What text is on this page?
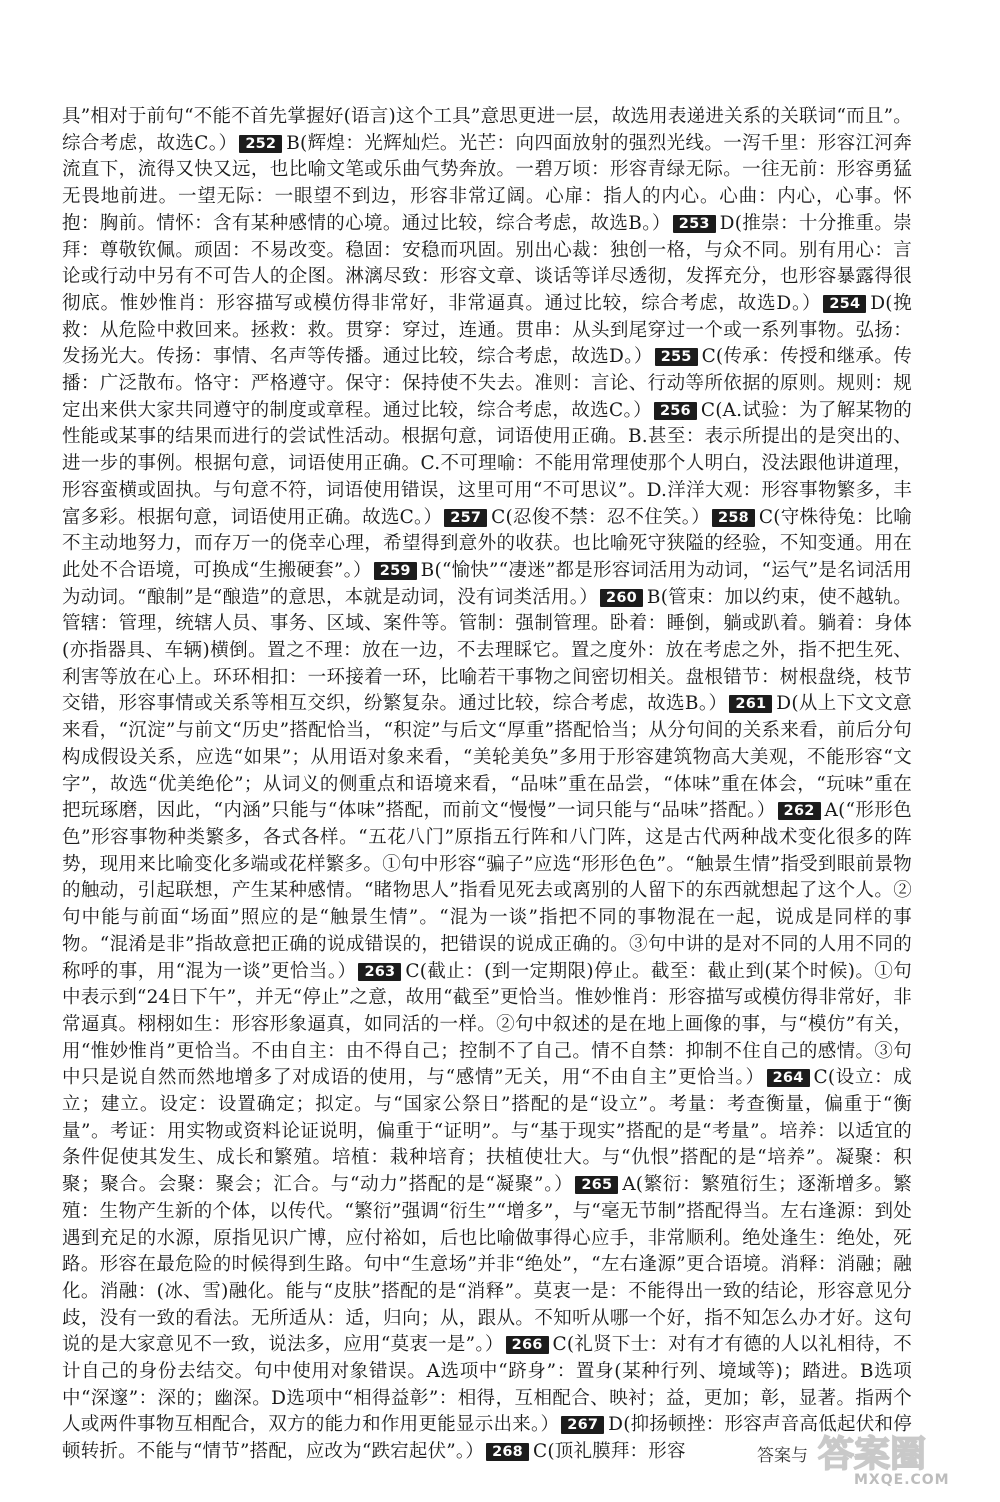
具”相对于前句“不能不首先掌握好(语言)这个工具”意思更进一层，故选用表递进关系的关联词“而且”。综合考虑，故选C。） 252 B(辉煌：光辉灿烂。光芒：向四面放射的强烈光线。一泻千里：形容江河奔流直下，流得又快又远，也比喻文笔或乐曲气势奔放。一碧万顷：形容青绿无际。一往无前：形容勇猛无畏地前进。一望无际：一眼望不到边，形容非常辽阔。心扉：指人的内心。心曲：内心，心事。怀抱：胸前。情怀：含有某种感情的心境。通过比较，综合考虑，故选B。） 253 D(推崇：十分推重。崇拜：尊敬钦佩。顽固：不易改变。稳固：安稳而巩固。别出心裁：独创一格，与众不同。别有用心：言论或行动中另有不可告人的企图。淋漓尽致：形容文章、谈话等详尽透彻，发挥充分，也形容暴露得很彻底。惟妙惟肖：形容描写或模仿得非常好，非常逼真。通过比较，综合考虑，故选D。） 254 D(挽救：从危险中救回来。拯救：救。贯穿：穿过，连通。贯串：从头到尾穿过一个或一系列事物。弘扬：发扬光大。传扬：事情、名声等传播。通过比较，综合考虑，故选D。） 255 C(传承：传授和继承。传播：广泛散布。恪守：严格遵守。保守：保持使不失去。准则：言论、行动等所依据的原则。规则：规定出来供大家共同遵守的制度或章程。通过比较，综合考虑，故选C。） 256 C(A.试验：为了解某物的性能或某事的结果而进行的尝试性活动。根据句意，词语使用正确。B.甚至：表示所提出的是突出的、进一步的事例。根据句意，词语使用正确。C.不可理喻：不能用常理使那个人明白，没法跟他讲道理，形容蛮横或固执。与句意不符，词语使用错误，这里可用“不可思议”。D.洋洋大观：形容事物繁多，丰富多彩。根据句意，词语使用正确。故选C。） 257 C(忍俊不禁：忍不住笑。） 258 C(守株待兔：比喻不主动地努力，而存万一的侥幸心理，希望得到意外的收获。也比喻死守狭隘的经验，不知变通。用在此处不合语境，可换成“生搬硬套”。） 259 B(“愉快”“凄迷”都是形容词活用为动词，“运气”是名词活用为动词。“酿制”是“酿造”的意思，本就是动词，没有词类活用。） 260 B(管束：加以约束，使不越轨。管辖：管理，统辖人员、事务、区域、案件等。管制：强制管理。卧着：睡倒，躺或趴着。躺着：身体(亦指器具、车辆)横倒。置之不理：放在一边，不去理睬它。置之度外：放在考虑之外，指不把生死、利害等放在心上。环环相扣：一环接着一环，比喻若干事物之间密切相关。盘根错节：树根盘绕，枝节交错，形容事情或关系等相互交织，纷繁复杂。通过比较，综合考虑，故选B。） 261 D(从上下文文意来看，“沉淀”与前文“历史”搭配恰当，“积淀”与后文“厚重”搭配恰当；从分句间的关系来看，前后分句构成假设关系，应选“如果”；从用语对象来看，“美轮美奂”多用于形容建筑物高大美观，不能形容“文字”，故选“优美绝伦”；从词义的侧重点和语境来看，“品味”重在品尝，“体味”重在体会，“玩味”重在把玩琢磨，因此，“内涵”只能与“体味”搭配，而前文“慢慢”一词只能与“品味”搭配。） 262 A(“形形色色”形容事物种类繁多，各式各样。“五花八门”原指五行阵和八门阵，这是古代两种战术变化很多的阵势，现用来比喻变化多端或花样繁多。①句中形容“骗子”应选“形形色色”。“触景生情”指受到眼前景物的触动，引起联想，产生某种感情。“睹物思人”指看见死去或离别的人留下的东西就想起了这个人。②句中能与前面“场面”照应的是“触景生情”。“混为一谈”指把不同的事物混在一起，说成是同样的事物。“混淆是非”指故意把正确的说成错误的，把错误的说成正确的。③句中讲的是对不同的人用不同的称呼的事，用“混为一谈”更恰当。） 263 C(截止：(到一定期限)停止。截至：截止到(某个时候)。①句中表示到“24日下午”，并无“停止”之意，故用“截至”更恰当。惟妙惟肖：形容描写或模仿得非常好，非常逼真。栩栩如生：形容形象逼真，如同活的一样。②句中叙述的是在地上画像的事，与“模仿”有关，用“惟妙惟肖”更恰当。不由自主：由不得自己；控制不了自己。情不自禁：抑制不住自己的感情。③句中只是说自然而然地增多了对成语的使用，与“感情”无关，用“不由自主”更恰当。） 264 C(设立：成立；建立。设定：设置确定；拟定。与“国家公祭日”搭配的是“设立”。考量：考查衡量，偏重于“衡量”。考证：用实物或资料论证说明，偏重于“证明”。与“基于现实”搭配的是“考量”。培养：以适宜的条件促使其发生、成长和繁殖。培植：栽种培育；扶植使壮大。与“仇恨”搭配的是“培养”。凝聚：积聚；聚合。会聚：聚会；汇合。与“动力”搭配的是“凝聚”。） 265 A(繁衍：繁殖衍生；逐渐增多。繁殖：生物产生新的个体，以传代。“繁衍”强调“衍生”“增多”，与“毫无节制”搭配得当。左右逢源：到处遇到充足的水源，原指见识广博，应付裕如，后也比喻做事得心应手，非常顺利。绝处逢生：绝处，死路。形容在最危险的时候得到生路。句中“生意场”并非“绝处”，“左右逢源”更合语境。消释：消融；融化。消融：(冰、雪)融化。能与“皮肤”搭配的是“消释”。莫衷一是：不能得出一致的结论，形容意见分歧，没有一致的看法。无所适从：适，归向；从，跟从。不知听从哪一个好，指不知怎么办才好。这句说的是大家意见不一致，说法多，应用“莫衷一是”。） 266 C(礼贤下士：对有才有德的人以礼相待，不计自己的身份去结交。句中使用对象错误。A选项中“跻身”：置身(某种行列、境域等)；踏进。B选项中“深邃”：深的；幽深。D选项中“相得益彰”：相得，互相配合、映衬；益，更加；彰，显著。指两个人或两件事物互相配合，双方的能力和作用更能显示出来。） 267 D(抑扬顿挫：形容声音高低起伏和停顿转折。不能与“情节”搭配，应改为“跌宕起伏”。） 268 C(顶礼膜拜：形容	答案与 答案圈
MXQE.COM
